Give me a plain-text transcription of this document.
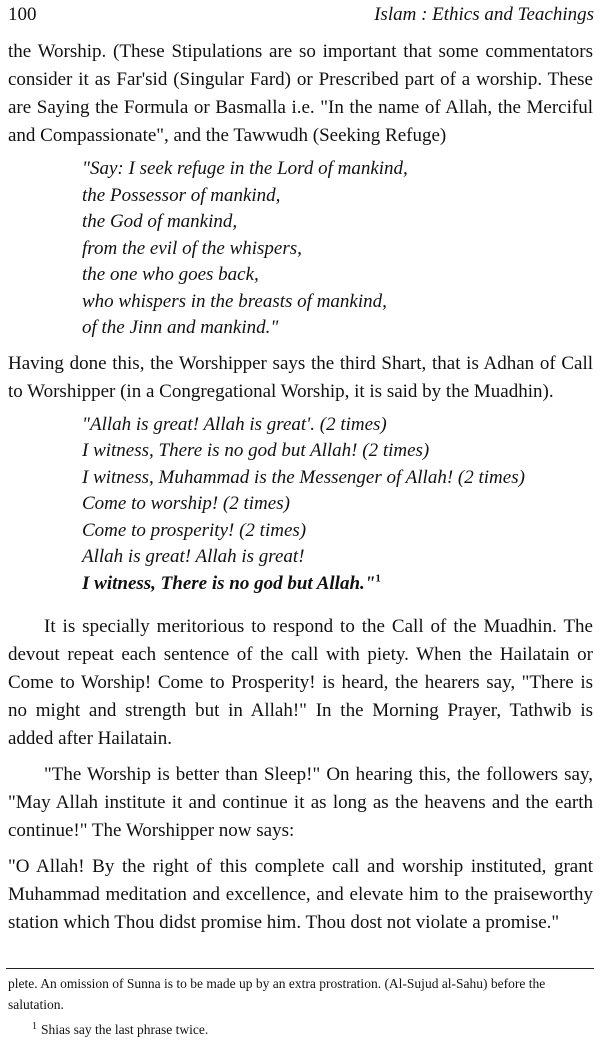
100	Islam : Ethics and Teachings

the Worship. (These Stipulations are so important that some commentators consider it as Far'sid (Singular Fard) or Prescribed part of a worship. These are Saying the Formula or Basmalla i.e. "In the name of Allah, the Merciful and Compassionate", and the Tawwudh (Seeking Refuge)

"Say: I seek refuge in the Lord of mankind,
the Possessor of mankind,
the God of mankind,
from the evil of the whispers,
the one who goes back,
who whispers in the breasts of mankind,
of the Jinn and mankind."

Having done this, the Worshipper says the third Shart, that is Adhan of Call to Worshipper (in a Congregational Worship, it is said by the Muadhin).

"Allah is great! Allah is great'. (2 times)
I witness, There is no god but Allah! (2 times)
I witness, Muhammad is the Messenger of Allah! (2 times)
Come to worship! (2 times)
Come to prosperity! (2 times)
Allah is great! Allah is great!
I witness, There is no god but Allah."$^1$

It is specially meritorious to respond to the Call of the Muadhin. The devout repeat each sentence of the call with piety. When the Hailatain or Come to Worship! Come to Prosperity! is heard, the hearers say, "There is no might and strength but in Allah!" In the Morning Prayer, Tathwib is added after Hailatain.

"The Worship is better than Sleep!" On hearing this, the followers say, "May Allah institute it and continue it as long as the heavens and the earth continue!" The Worshipper now says:

"O Allah! By the right of this complete call and worship instituted, grant Muhammad meditation and excellence, and elevate him to the praiseworthy station which Thou didst promise him. Thou dost not violate a promise."

plete. An omission of Sunna is to be made up by an extra prostration. (Al-Sujud al-Sahu) before the salutation.

$^1$ Shias say the last phrase twice.
